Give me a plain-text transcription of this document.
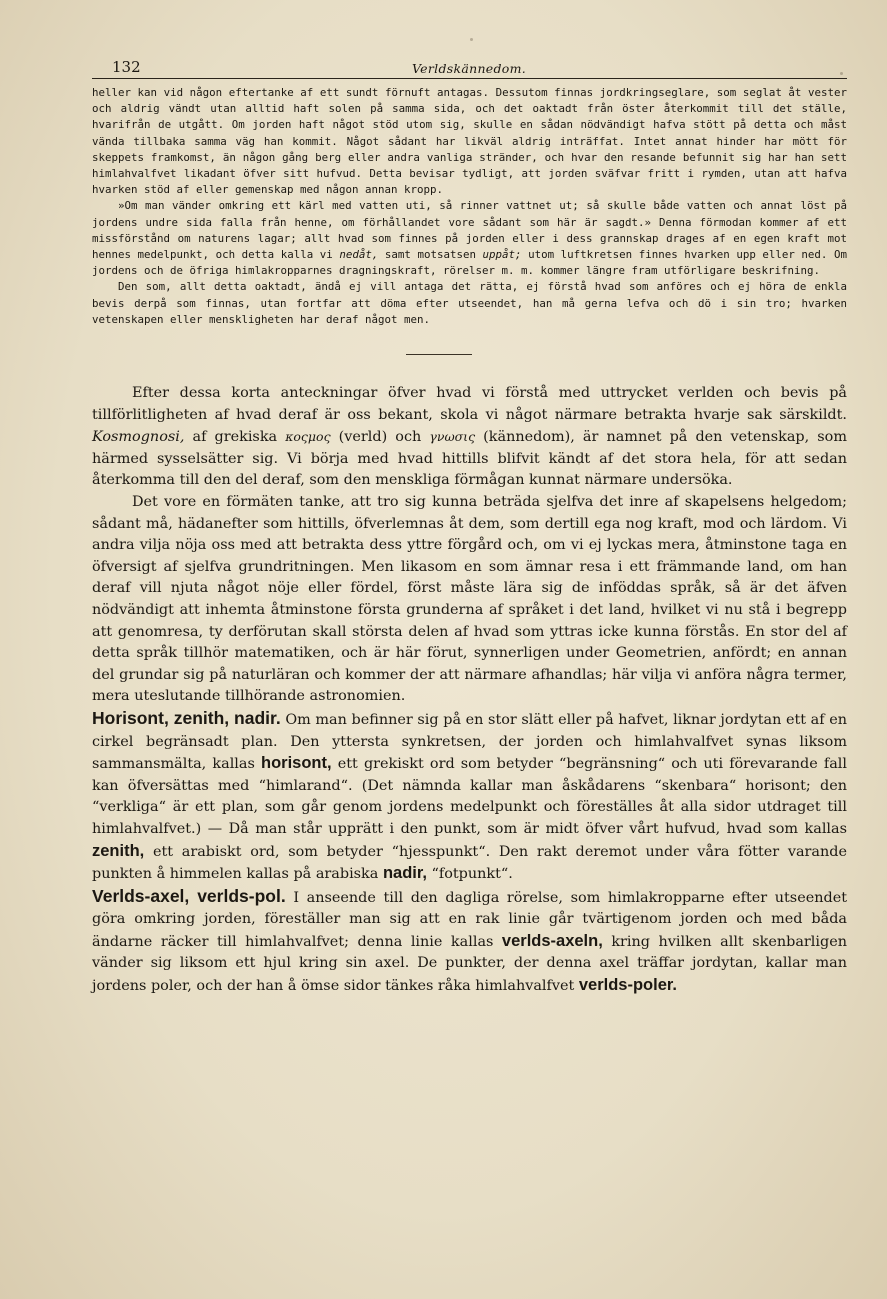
132	Verldskännedom.

heller kan vid någon eftertanke af ett sundt förnuft antagas. Dessutom finnas jordkringseglare, som seglat åt vester och aldrig vändt utan alltid haft solen på samma sida, och det oaktadt från öster återkommit till det ställe, hvarifrån de utgått. Om jorden haft något stöd utom sig, skulle en sådan nödvändigt hafva stött på detta och måst vända tillbaka samma väg han kommit. Något sådant har likväl aldrig inträffat. Intet annat hinder har mött för skeppets framkomst, än någon gång berg eller andra vanliga stränder, och hvar den resande befunnit sig har han sett himlahvalfvet likadant öfver sitt hufvud. Detta bevisar tydligt, att jorden sväfvar fritt i rymden, utan att hafva hvarken stöd af eller gemenskap med någon annan kropp.

»Om man vänder omkring ett kärl med vatten uti, så rinner vattnet ut; så skulle både vatten och annat löst på jordens undre sida falla från henne, om förhållandet vore sådant som här är sagdt.» Denna förmodan kommer af ett missförstånd om naturens lagar; allt hvad som finnes på jorden eller i dess grannskap drages af en egen kraft mot hennes medelpunkt, och detta kalla vi nedåt, samt motsatsen uppåt; utom luftkretsen finnes hvarken upp eller ned. Om jordens och de öfriga himlakropparnes dragningskraft, rörelser m. m. kommer längre fram utförligare beskrifning.

Den som, allt detta oaktadt, ändå ej vill antaga det rätta, ej förstå hvad som anföres och ej höra de enkla bevis derpå som finnas, utan fortfar att döma efter utseendet, han må gerna lefva och dö i sin tro; hvarken vetenskapen eller menskligheten har deraf något men.

Efter dessa korta anteckningar öfver hvad vi förstå med uttrycket verlden och bevis på tillförlitligheten af hvad deraf är oss bekant, skola vi något närmare betrakta hvarje sak särskildt. Kosmognosi, af grekiska κοςμος (verld) och γνωσις (kännedom), är namnet på den vetenskap, som härmed sysselsätter sig. Vi börja med hvad hittills blifvit kändt af det stora hela, för att sedan återkomma till den del deraf, som den menskliga förmågan kunnat närmare undersöka.

Det vore en förmäten tanke, att tro sig kunna beträda sjelfva det inre af skapelsens helgedom; sådant må, hädanefter som hittills, öfverlemnas åt dem, som dertill ega nog kraft, mod och lärdom. Vi andra vilja nöja oss med att betrakta dess yttre förgård och, om vi ej lyckas mera, åtminstone taga en öfversigt af sjelfva grundritningen. Men likasom en som ämnar resa i ett främmande land, om han deraf vill njuta något nöje eller fördel, först måste lära sig de inföddas språk, så är det äfven nödvändigt att inhemta åtminstone första grunderna af språket i det land, hvilket vi nu stå i begrepp att genomresa, ty derförutan skall största delen af hvad som yttras icke kunna förstås. En stor del af detta språk tillhör matematiken, och är här förut, synnerligen under Geometrien, anfördt; en annan del grundar sig på naturläran och kommer der att närmare afhandlas; här vilja vi anföra några termer, mera uteslutande tillhörande astronomien.

Horisont, zenith, nadir. Om man befinner sig på en stor slätt eller på hafvet, liknar jordytan ett af en cirkel begränsadt plan. Den yttersta synkretsen, der jorden och himlahvalfvet synas liksom sammansmälta, kallas horisont, ett grekiskt ord som betyder “begränsning“ och uti förevarande fall kan öfversättas med “himlarand“. (Det nämnda kallar man åskådarens “skenbara“ horisont; den “verkliga“ är ett plan, som går genom jordens medelpunkt och föreställes åt alla sidor utdraget till himlahvalfvet.) — Då man står upprätt i den punkt, som är midt öfver vårt hufvud, hvad som kallas zenith, ett arabiskt ord, som betyder “hjesspunkt“. Den rakt deremot under våra fötter varande punkten å himmelen kallas på arabiska nadir, “fotpunkt“.

Verlds-axel, verlds-pol. I anseende till den dagliga rörelse, som himlakropparne efter utseendet göra omkring jorden, föreställer man sig att en rak linie går tvärtigenom jorden och med båda ändarne räcker till himlahvalfvet; denna linie kallas verlds-axeln, kring hvilken allt skenbarligen vänder sig liksom ett hjul kring sin axel. De punkter, der denna axel träffar jordytan, kallar man jordens poler, och der han å ömse sidor tänkes råka himlahvalfvet verlds-poler.
